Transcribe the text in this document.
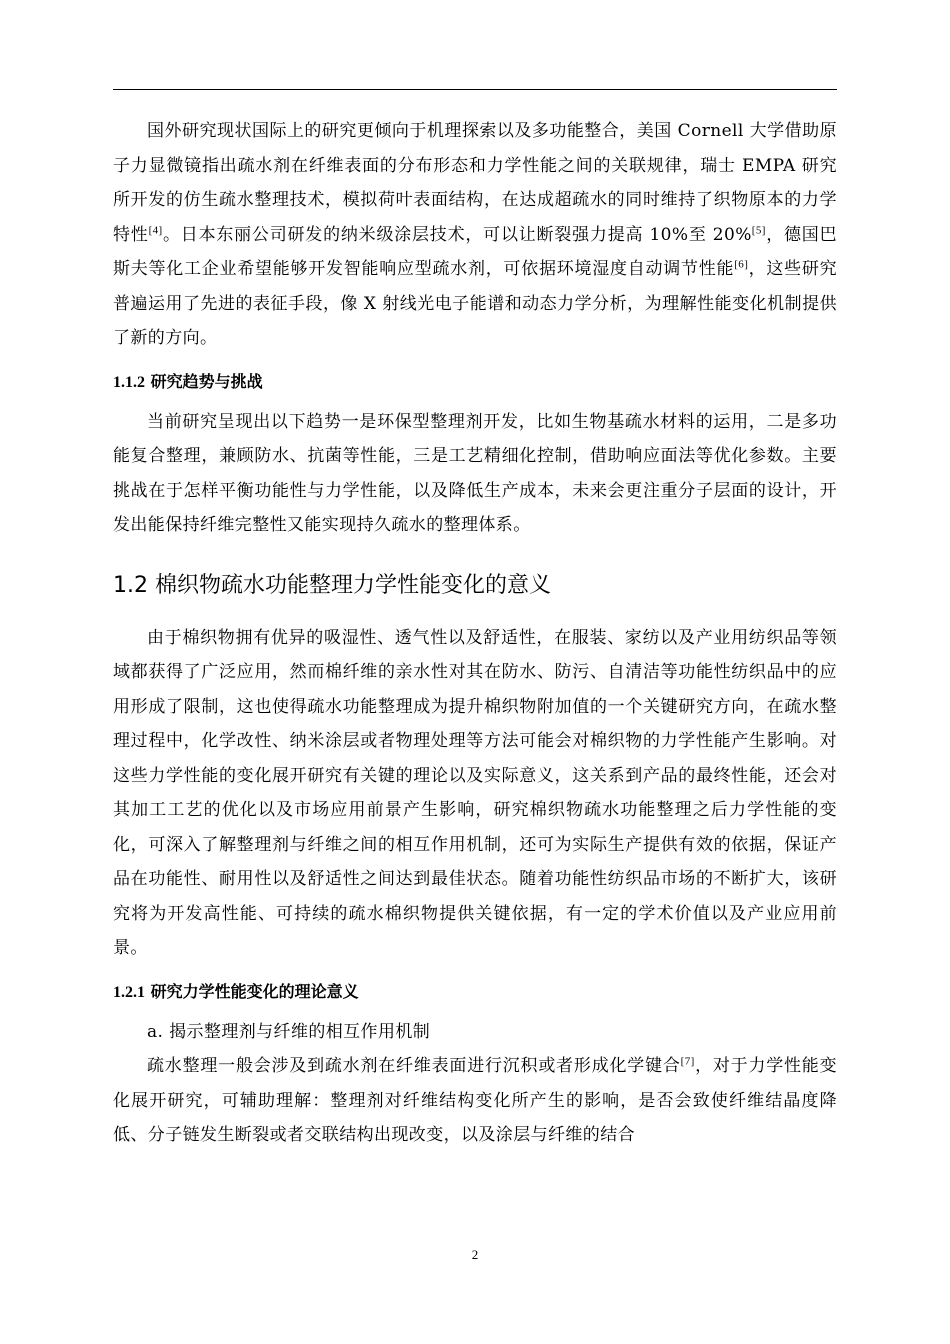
国外研究现状国际上的研究更倾向于机理探索以及多功能整合，美国 Cornell 大学借助原子力显微镜指出疏水剂在纤维表面的分布形态和力学性能之间的关联规律，瑞士 EMPA 研究所开发的仿生疏水整理技术，模拟荷叶表面结构，在达成超疏水的同时维持了织物原本的力学特性[4]。日本东丽公司研发的纳米级涂层技术，可以让断裂强力提高 10%至 20%[5]，德国巴斯夫等化工企业希望能够开发智能响应型疏水剂，可依据环境湿度自动调节性能[6]，这些研究普遍运用了先进的表征手段，像 X 射线光电子能谱和动态力学分析，为理解性能变化机制提供了新的方向。

1.1.2 研究趋势与挑战

当前研究呈现出以下趋势一是环保型整理剂开发，比如生物基疏水材料的运用，二是多功能复合整理，兼顾防水、抗菌等性能，三是工艺精细化控制，借助响应面法等优化参数。主要挑战在于怎样平衡功能性与力学性能，以及降低生产成本，未来会更注重分子层面的设计，开发出能保持纤维完整性又能实现持久疏水的整理体系。

1.2 棉织物疏水功能整理力学性能变化的意义

由于棉织物拥有优异的吸湿性、透气性以及舒适性，在服装、家纺以及产业用纺织品等领域都获得了广泛应用，然而棉纤维的亲水性对其在防水、防污、自清洁等功能性纺织品中的应用形成了限制，这也使得疏水功能整理成为提升棉织物附加值的一个关键研究方向，在疏水整理过程中，化学改性、纳米涂层或者物理处理等方法可能会对棉织物的力学性能产生影响。对这些力学性能的变化展开研究有关键的理论以及实际意义，这关系到产品的最终性能，还会对其加工工艺的优化以及市场应用前景产生影响，研究棉织物疏水功能整理之后力学性能的变化，可深入了解整理剂与纤维之间的相互作用机制，还可为实际生产提供有效的依据，保证产品在功能性、耐用性以及舒适性之间达到最佳状态。随着功能性纺织品市场的不断扩大，该研究将为开发高性能、可持续的疏水棉织物提供关键依据，有一定的学术价值以及产业应用前景。

1.2.1 研究力学性能变化的理论意义

a. 揭示整理剂与纤维的相互作用机制

疏水整理一般会涉及到疏水剂在纤维表面进行沉积或者形成化学键合[7]，对于力学性能变化展开研究，可辅助理解：整理剂对纤维结构变化所产生的影响，是否会致使纤维结晶度降低、分子链发生断裂或者交联结构出现改变，以及涂层与纤维的结合

2
